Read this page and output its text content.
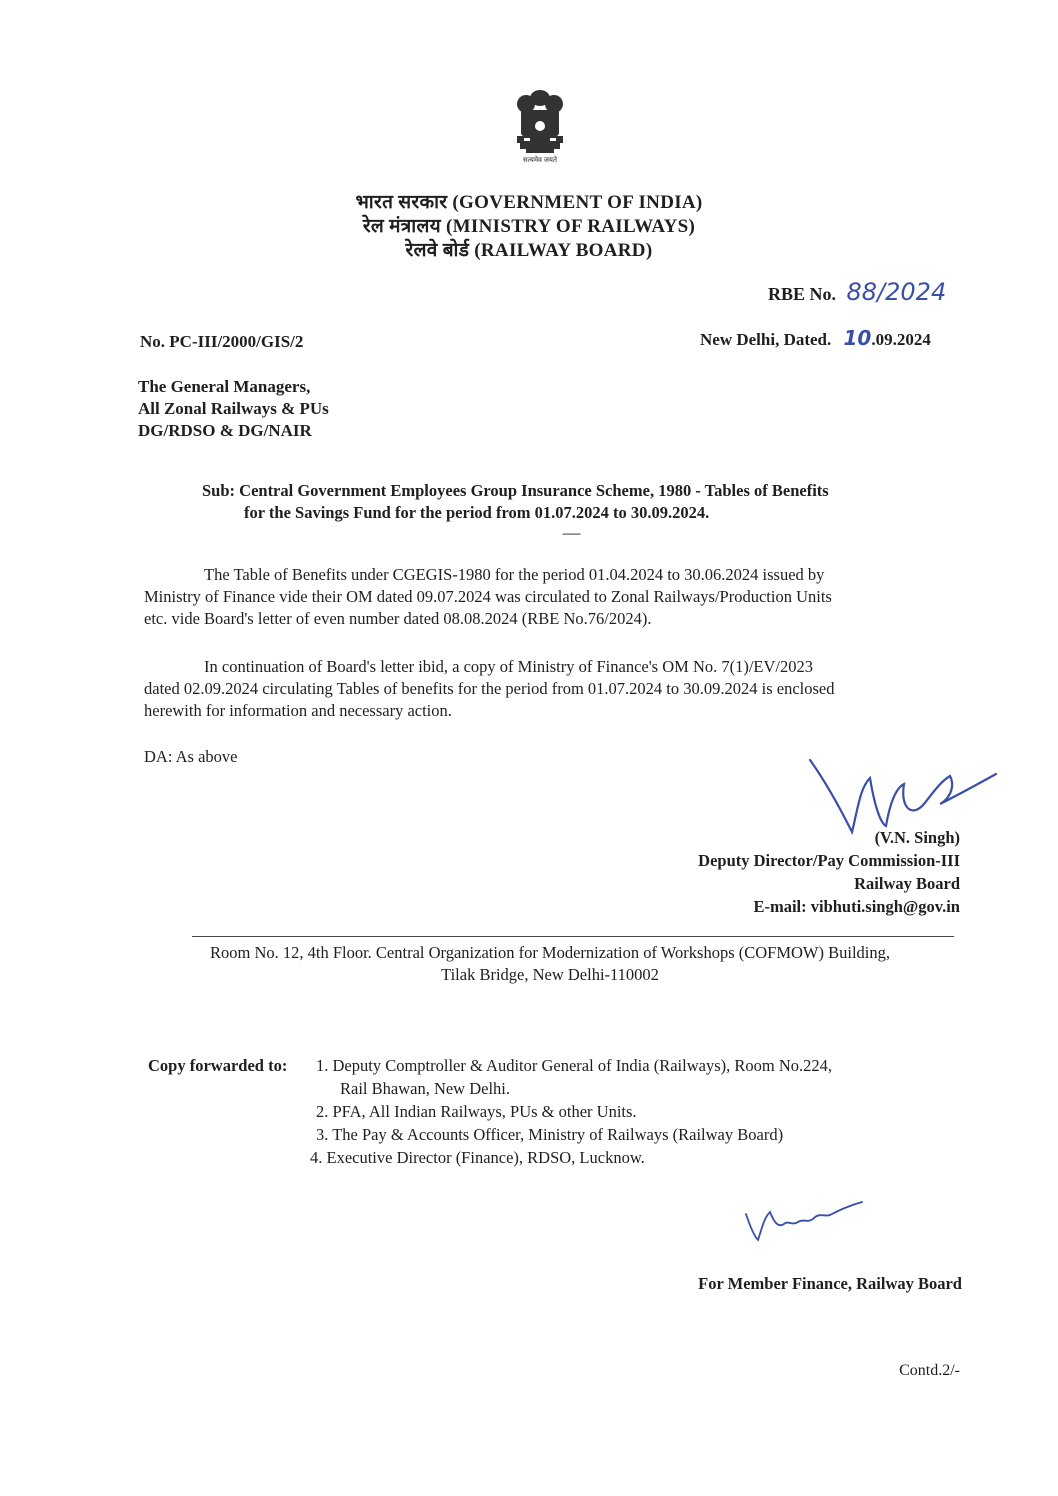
सत्यमेव जयते
भारत सरकार (GOVERNMENT OF INDIA)
रेल मंत्रालय (MINISTRY OF RAILWAYS)
रेलवे बोर्ड (RAILWAY BOARD)
RBE No. 88/2024
No. PC-III/2000/GIS/2	New Delhi, Dated. 10.09.2024
The General Managers,
All Zonal Railways & PUs
DG/RDSO & DG/NAIR
Sub: Central Government Employees Group Insurance Scheme, 1980 - Tables of Benefits
for the Savings Fund for the period from 01.07.2024 to 30.09.2024.
------
The Table of Benefits under CGEGIS-1980 for the period 01.04.2024 to 30.06.2024 issued by
Ministry of Finance vide their OM dated 09.07.2024 was circulated to Zonal Railways/Production Units
etc. vide Board's letter of even number dated 08.08.2024 (RBE No.76/2024).
In continuation of Board's letter ibid, a copy of Ministry of Finance's OM No. 7(1)/EV/2023
dated 02.09.2024 circulating Tables of benefits for the period from 01.07.2024 to 30.09.2024 is enclosed
herewith for information and necessary action.
DA: As above
(V.N. Singh)
Deputy Director/Pay Commission-III
Railway Board
E-mail: vibhuti.singh@gov.in
Room No. 12, 4th Floor. Central Organization for Modernization of Workshops (COFMOW) Building,
Tilak Bridge, New Delhi-110002
Copy forwarded to:	1. Deputy Comptroller & Auditor General of India (Railways), Room No.224,
Rail Bhawan, New Delhi.
2. PFA, All Indian Railways, PUs & other Units.
3. The Pay & Accounts Officer, Ministry of Railways (Railway Board)
4. Executive Director (Finance), RDSO, Lucknow.
For Member Finance, Railway Board
Contd.2/-
